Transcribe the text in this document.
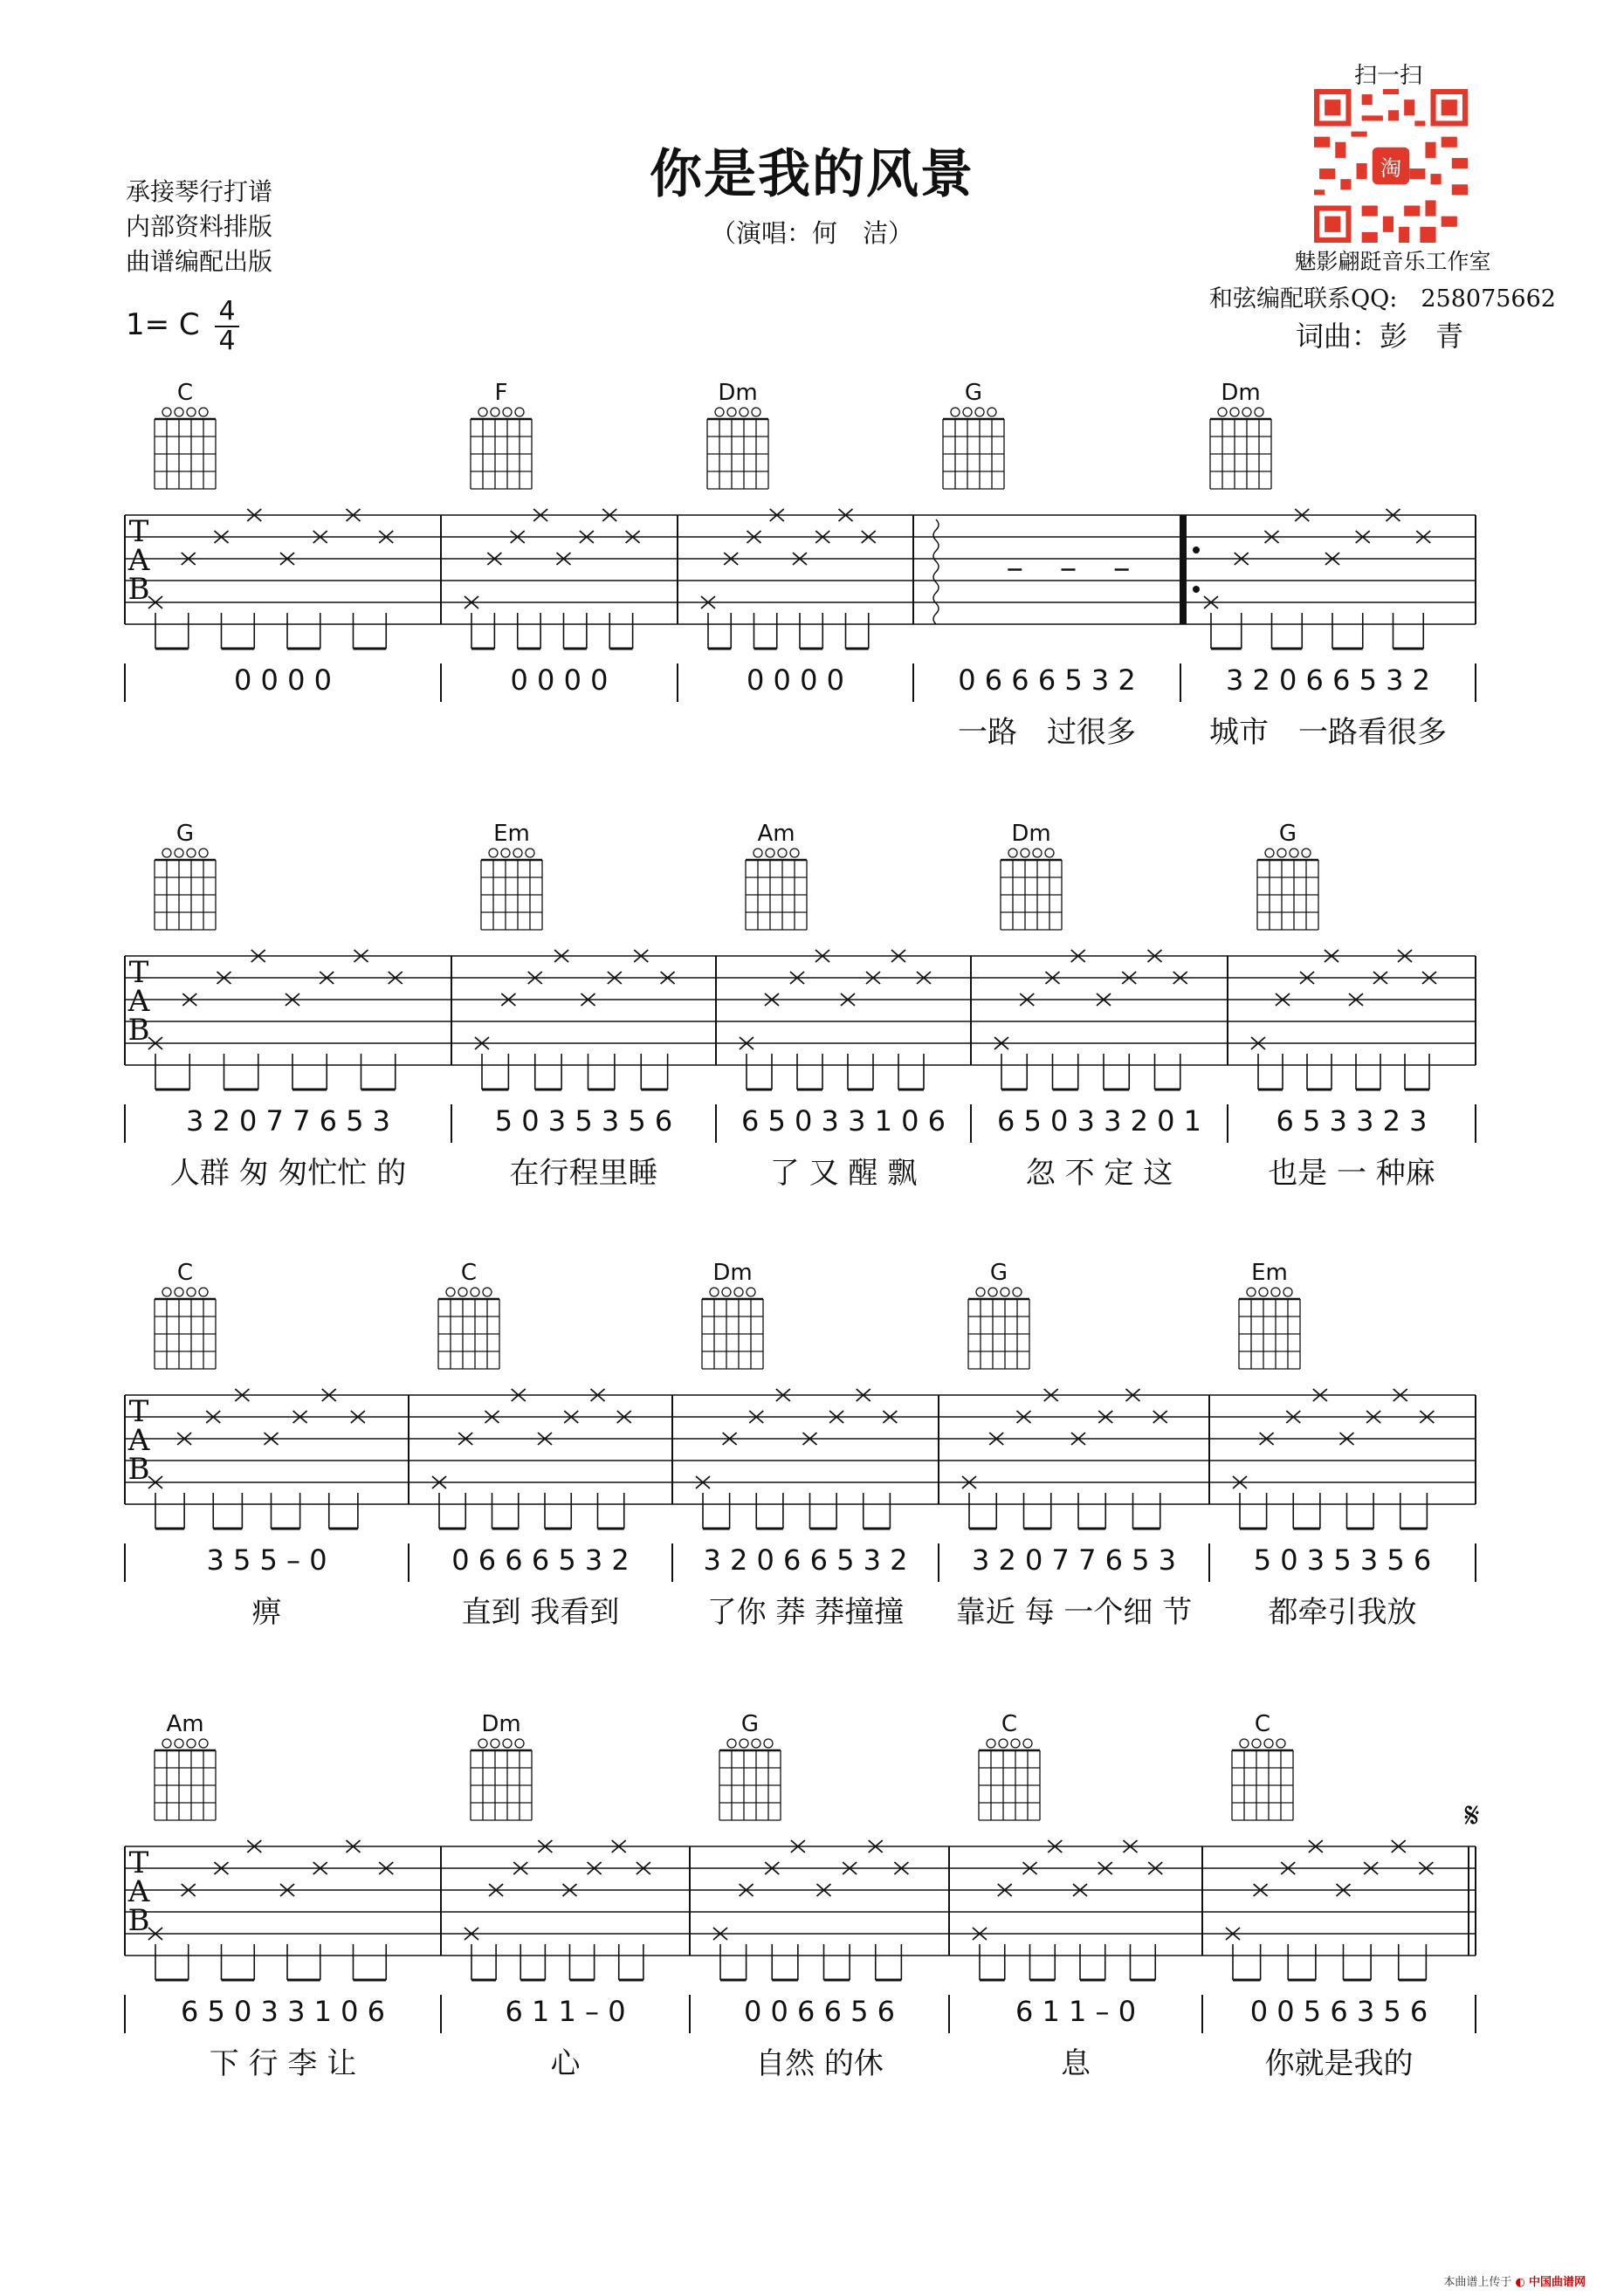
你是我的风景
（演唱：何　洁）
承接琴行打谱
内部资料排版
曲谱编配出版
1= C 4
4
扫一扫
淘
魅影翩跹音乐工作室
和弦编配联系QQ:　258075662
词曲：彭　青
T
A
B
C
0 0 0 0
F
0 0 0 0
Dm
0 0 0 0
G
0 6 6 6 5 3 2
一路　过很多
Dm
3 2 0 6 6 5 3 2
城市　一路看很多
T
A
B
G
3 2 0 7 7 6 5 3
人群 匆 匆忙忙 的
Em
5 0 3 5 3 5 6
在行程里睡
Am
6 5 0 3 3 1 0 6
了 又 醒 飘
Dm
6 5 0 3 3 2 0 1
忽 不 定 这
G
6 5 3 3 2 3
也是 一 种麻
T
A
B
C
3 5 5 – 0
痹
C
0 6 6 6 5 3 2
直到 我看到
Dm
3 2 0 6 6 5 3 2
了你 莽 莽撞撞
G
3 2 0 7 7 6 5 3
靠近 每 一个细 节
Em
5 0 3 5 3 5 6
都牵引我放
T
A
B
𝄋
Am
6 5 0 3 3 1 0 6
下 行 李 让
Dm
6 1 1 – 0
心
G
0 0 6 6 5 6
自然 的休
C
6 1 1 – 0
息
C
0 0 5 6 3 5 6
你就是我的
本曲谱上传于 ◐ 中国曲谱网
